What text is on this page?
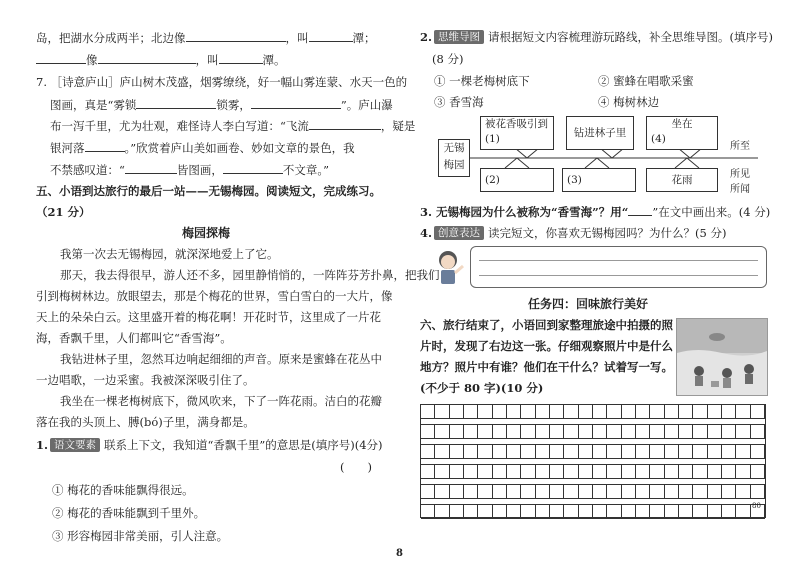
岛，把湖水分成两半；北边像	，叫	潭；
像	，叫	潭。
7. ［诗意庐山］庐山树木茂盛，烟雾缭绕，好一幅山雾连蒙、水天一色的
图画，真是“雾锁	锁雾，	”。庐山瀑
布一泻千里，尤为壮观，难怪诗人李白写道：“飞流	，疑是
银河落	。”欣赏着庐山美如画卷、妙如文章的景色，我
不禁感叹道：“	皆图画，	不文章。”
五、小语到达旅行的最后一站——无锡梅园。阅读短文，完成练习。
（21 分）
梅园探梅
我第一次去无锡梅园，就深深地爱上了它。
那天，我去得很早，游人还不多，园里静悄悄的，一阵阵芬芳扑鼻，把我们
引到梅树林边。放眼望去，那是个梅花的世界，雪白雪白的一大片，像
天上的朵朵白云。这里盛开着的梅花啊！开花时节，这里成了一片花
海，香飘千里，人们都叫它“香雪海”。
我钻进林子里，忽然耳边响起细细的声音。原来是蜜蜂在花丛中
一边唱歌，一边采蜜。我被深深吸引住了。
我坐在一棵老梅树底下，微风吹来，下了一阵花雨。洁白的花瓣
落在我的头顶上、膊(bó)子里，满身都是。
1. 语文要素 联系上下文，我知道“香飘千里”的意思是(填序号)(4分)
(　　)
① 梅花的香味能飘得很远。
② 梅花的香味能飘到千里外。
③ 形容梅园非常美丽，引人注意。
8
2. 思维导图 请根据短文内容梳理游玩路线，补全思维导图。(填序号)
(8 分)
① 一棵老梅树底下	② 蜜蜂在唱歌采蜜
③ 香雪海	④ 梅树林边
无锡
梅园
被花香吸引到
(1)	钻进林子里
坐在
(4)
(2)	(3)	花雨
所至
所见
所闻
3. 无锡梅园为什么被称为“香雪海”？用“ ”在文中画出来。(4 分)
4. 创意表达 读完短文，你喜欢无锡梅园吗？为什么？(5 分)
任务四：回味旅行美好
六、旅行结束了，小语回到家整理旅途中拍摄的照
片时，发现了右边这一张。仔细观察照片中是什么
地方？照片中有谁？他们在干什么？试着写一写。
(不少于 80 字)(10 分)
80
